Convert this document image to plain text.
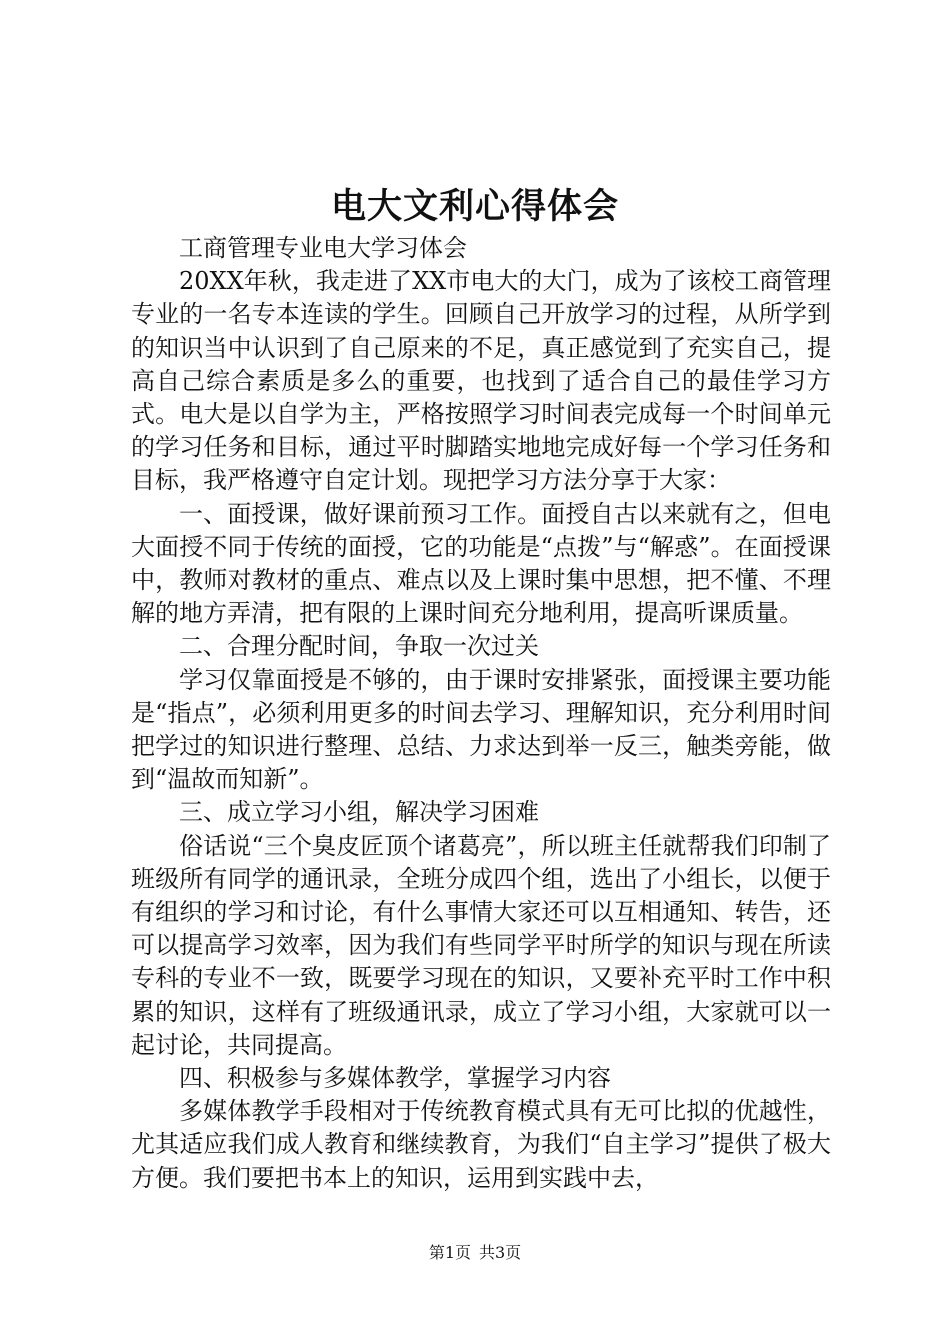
电大文利心得体会

工商管理专业电大学习体会

20XX年秋，我走进了XX市电大的大门，成为了该校工商管理专业的一名专本连读的学生。回顾自己开放学习的过程，从所学到的知识当中认识到了自己原来的不足，真正感觉到了充实自己，提高自己综合素质是多么的重要，也找到了适合自己的最佳学习方式。电大是以自学为主，严格按照学习时间表完成每一个时间单元的学习任务和目标，通过平时脚踏实地地完成好每一个学习任务和目标，我严格遵守自定计划。现把学习方法分享于大家：

一、面授课，做好课前预习工作。面授自古以来就有之，但电大面授不同于传统的面授，它的功能是“点拨”与“解惑”。在面授课中，教师对教材的重点、难点以及上课时集中思想，把不懂、不理解的地方弄清，把有限的上课时间充分地利用，提高听课质量。

二、合理分配时间，争取一次过关

学习仅靠面授是不够的，由于课时安排紧张，面授课主要功能是“指点”，必须利用更多的时间去学习、理解知识，充分利用时间把学过的知识进行整理、总结、力求达到举一反三，触类旁能，做到“温故而知新”。

三、成立学习小组，解决学习困难

俗话说“三个臭皮匠顶个诸葛亮”，所以班主任就帮我们印制了班级所有同学的通讯录，全班分成四个组，选出了小组长，以便于有组织的学习和讨论，有什么事情大家还可以互相通知、转告，还可以提高学习效率，因为我们有些同学平时所学的知识与现在所读专科的专业不一致，既要学习现在的知识，又要补充平时工作中积累的知识，这样有了班级通讯录，成立了学习小组，大家就可以一起讨论，共同提高。

四、积极参与多媒体教学，掌握学习内容

多媒体教学手段相对于传统教育模式具有无可比拟的优越性，尤其适应我们成人教育和继续教育，为我们“自主学习”提供了极大方便。我们要把书本上的知识，运用到实践中去，

第1页 共3页
